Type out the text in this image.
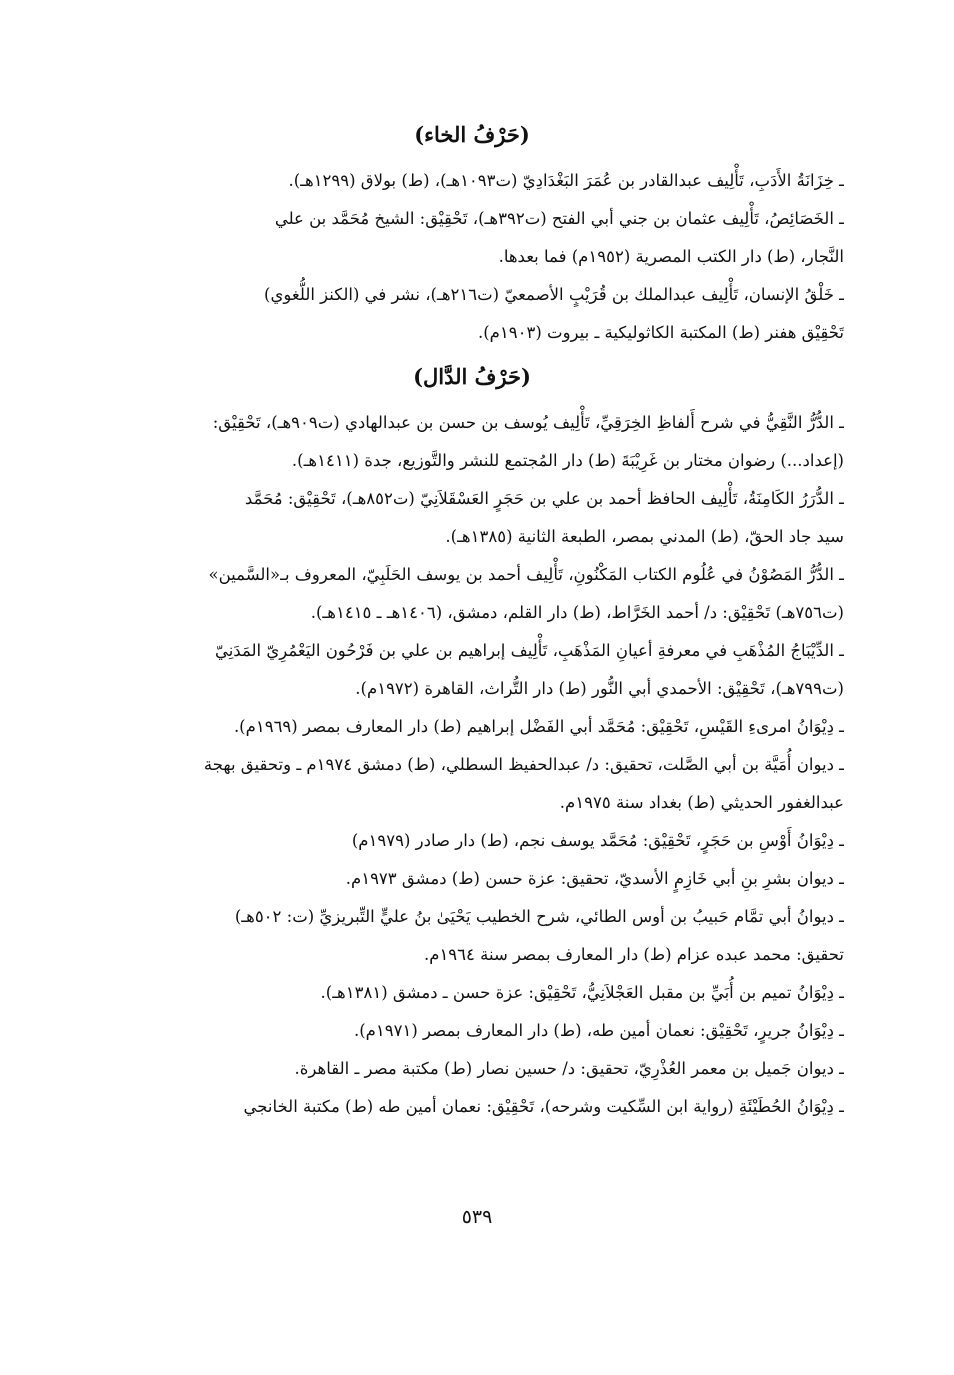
(حَرْفُ الخاء)
ـ خِزَانَةُ الأَدَبِ، تَأْلِيف عبدالقادر بن عُمَرَ البَغْدَادِيّ (ت١٠٩٣هـ)، (ط) بولاق (١٢٩٩هـ).
ـ الخَصَائِصُ، تَأْلِيف عثمان بن جني أبي الفتح (ت٣٩٢هـ)، تَحْقِيْق: الشيخ مُحَمَّد بن علي
النَّجار، (ط) دار الكتب المصرية (١٩٥٢م) فما بعدها.
ـ خَلْقُ الإنسان، تَأْلِيف عبدالملك بن قُرَيْبٍ الأصمعيّ (ت٢١٦هـ)، نشر في (الكنز اللُّغوي)
تَحْقِيْق هفنر (ط) المكتبة الكاثوليكية ـ بيروت (١٩٠٣م).
(حَرْفُ الدَّال)
ـ الدُّرُّ النَّقِيُّ في شرح أَلفاظِ الخِرَقِيِّ، تَأْلِيف يُوسف بن حسن بن عبدالهادي (ت٩٠٩هـ)، تَحْقِيْق:
(إعداد...) رضوان مختار بن غَرِيْبَةَ (ط) دار المُجتمع للنشر والتَّوزيع، جدة (١٤١١هـ).
ـ الدُّرَرُ الكَامِنَةُ، تَأْلِيف الحافظ أحمد بن علي بن حَجَرٍ العَسْقَلاَنِيّ (ت٨٥٢هـ)، تَحْقِيْق: مُحَمَّد
سيد جاد الحقّ، (ط) المدني بمصر، الطبعة الثانية (١٣٨٥هـ).
ـ الدُّرُّ المَصُوْنُ في عُلُوم الكتاب المَكْنُونِ، تَأْلِيف أحمد بن يوسف الحَلَبِيّ، المعروف بـ«السَّمين»
(ت٧٥٦هـ) تَحْقِيْق: د/ أحمد الخَرَّاط، (ط) دار القلم، دمشق، (١٤٠٦هـ ـ ١٤١٥هـ).
ـ الدِّيْبَاجُ المُذْهَبِ في معرفةِ أعيانِ المَذْهَبِ، تَأْلِيف إبراهيم بن علي بن فَرْحُون اليَعْمُرِيّ المَدَنِيّ
(ت٧٩٩هـ)، تَحْقِيْق: الأحمدي أبي النُّور (ط) دار التُّراث، القاهرة (١٩٧٢م).
ـ دِيْوَانُ امرىءِ القَيْسِ، تَحْقِيْق: مُحَمَّد أبي الفَضْل إبراهيم (ط) دار المعارف بمصر (١٩٦٩م).
ـ ديوان أُمَيَّة بن أبي الصَّلت، تحقيق: د/ عبدالحفيظ السطلي، (ط) دمشق ١٩٧٤م ـ وتحقيق بهجة
عبدالغفور الحديثي (ط) بغداد سنة ١٩٧٥م.
ـ دِيْوَانُ أَوْسِ بن حَجَرٍ، تَحْقِيْق: مُحَمَّد يوسف نجم، (ط) دار صادر (١٩٧٩م)
ـ ديوان بشرِ بنِ أبي خَازِمٍ الأسديّ، تحقيق: عزة حسن (ط) دمشق ١٩٧٣م.
ـ ديوانُ أبي تمَّام حَبيبُ بن أوس الطائي، شرح الخطيب يَحْيَىٰ بنُ عليٍّ التِّبريزيِّ (ت: ٥٠٢هـ)
تحقيق: محمد عبده عزام (ط) دار المعارف بمصر سنة ١٩٦٤م.
ـ دِيْوَانُ تميم بن أُبَيِّ بن مقبل العَجْلاَنِيُّ، تَحْقِيْق: عزة حسن ـ دمشق (١٣٨١هـ).
ـ دِيْوَانُ جريرٍ، تَحْقِيْق: نعمان أمين طه، (ط) دار المعارف بمصر (١٩٧١م).
ـ ديوان جَميل بن معمر العُذْرِيّ، تحقيق: د/ حسين نصار (ط) مكتبة مصر ـ القاهرة.
ـ دِيْوَانُ الحُطَيْئَةِ (رواية ابن السِّكيت وشرحه)، تَحْقِيْق: نعمان أمين طه (ط) مكتبة الخانجي
٥٣٩
